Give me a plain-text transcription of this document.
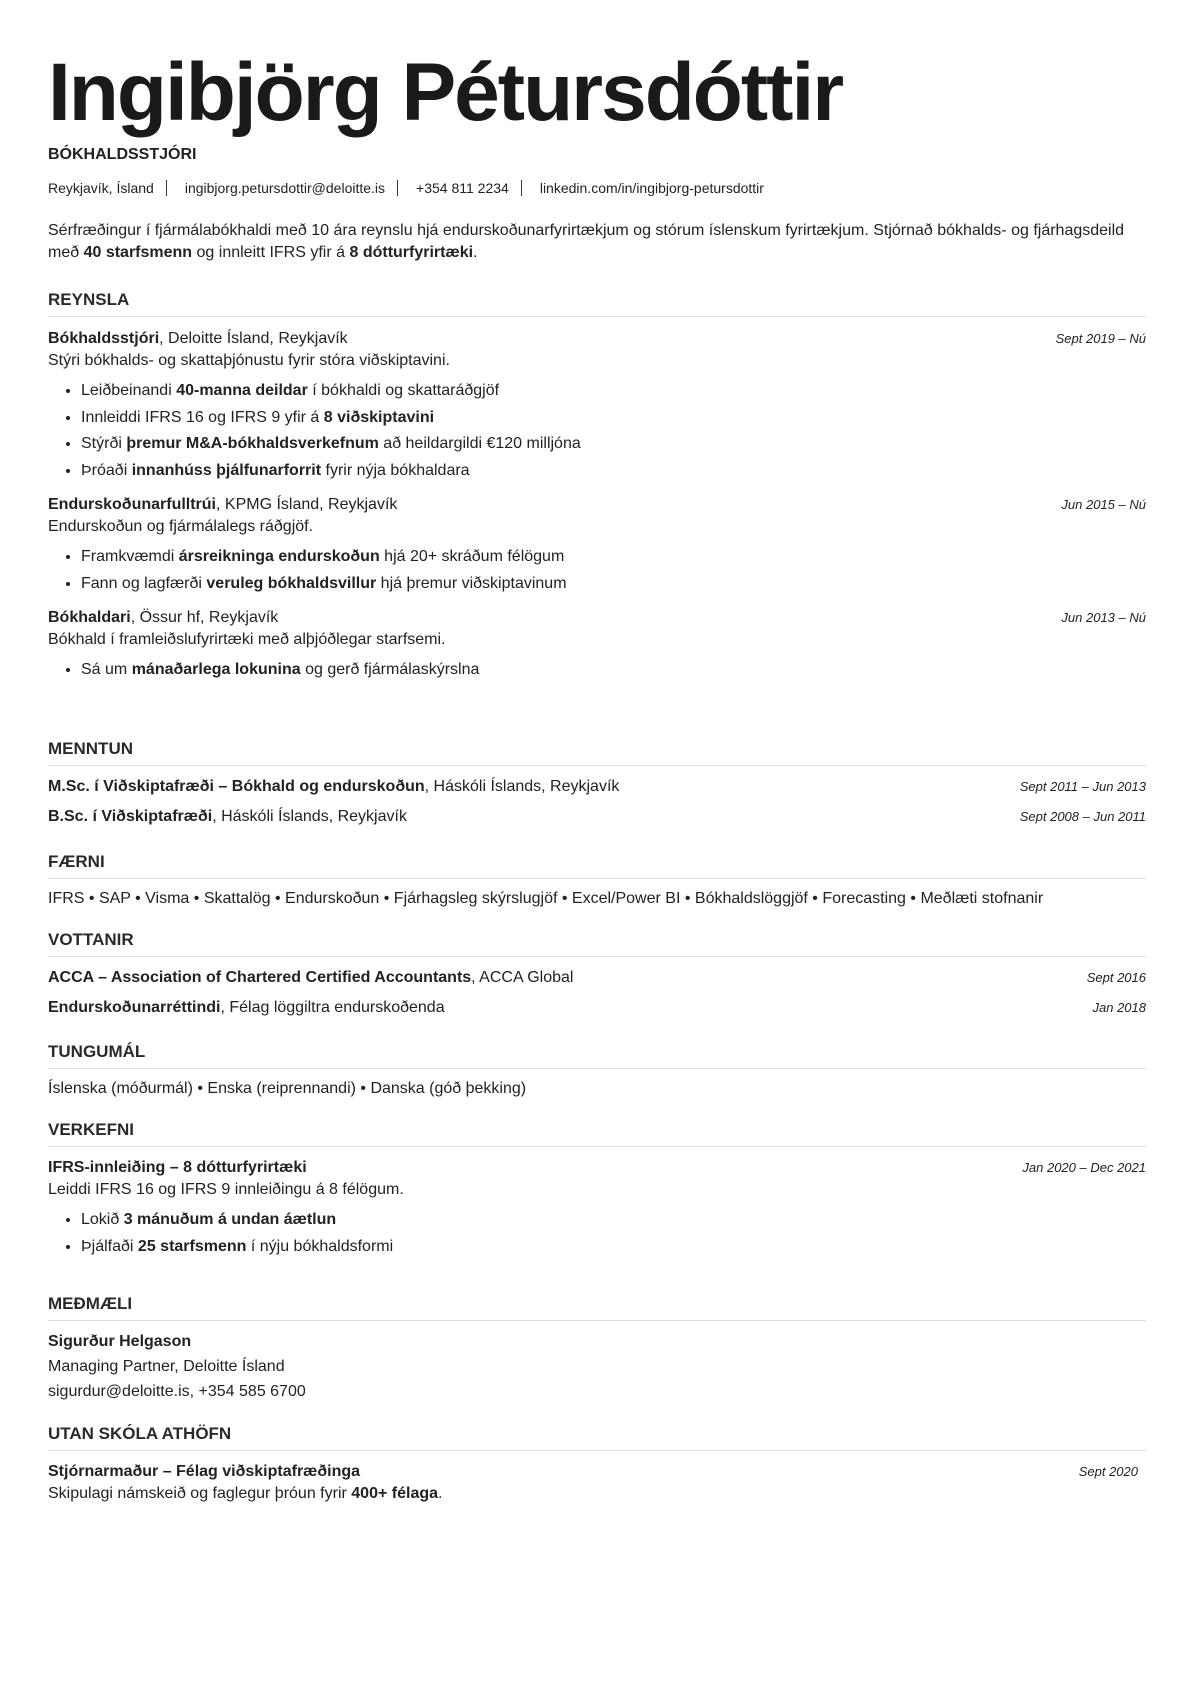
Ingibjörg Pétursdóttir
BÓKHALDSSTJÓRI
Reykjavík, Ísland ingibjorg.petursdottir@deloitte.is +354 811 2234 linkedin.com/in/ingibjorg-petursdottir
Sérfræðingur í fjármálabókhaldi með 10 ára reynslu hjá endurskoðunarfyrirtækjum og stórum íslenskum fyrirtækjum. Stjórnað bókhalds- og fjárhagsdeild með 40 starfsmenn og innleitt IFRS yfir á 8 dótturfyrirtæki.
REYNSLA
Bókhaldsstjóri, Deloitte Ísland, Reykjavík	Sept 2019 – Nú
Stýri bókhalds- og skattaþjónustu fyrir stóra viðskiptavini.
• Leiðbeinandi 40-manna deildar í bókhaldi og skattaráðgjöf
• Innleiddi IFRS 16 og IFRS 9 yfir á 8 viðskiptavini
• Stýrði þremur M&A-bókhaldsverkefnum að heildargildi €120 milljóna
• Þróaði innanhúss þjálfunarforrit fyrir nýja bókhaldara
Endurskoðunarfulltrúi, KPMG Ísland, Reykjavík	Jun 2015 – Nú
Endurskoðun og fjármálalegs ráðgjöf.
• Framkvæmdi ársreikninga endurskoðun hjá 20+ skráðum félögum
• Fann og lagfærði veruleg bókhaldsvillur hjá þremur viðskiptavinum
Bókhaldari, Össur hf, Reykjavík	Jun 2013 – Nú
Bókhald í framleiðslufyrirtæki með alþjóðlegar starfsemi.
• Sá um mánaðarlega lokunina og gerð fjármálaskýrslna
MENNTUN
M.Sc. í Viðskiptafræði – Bókhald og endurskoðun, Háskóli Íslands, Reykjavík	Sept 2011 – Jun 2013
B.Sc. í Viðskiptafræði, Háskóli Íslands, Reykjavík	Sept 2008 – Jun 2011
FÆRNI
IFRS • SAP • Visma • Skattalög • Endurskoðun • Fjárhagsleg skýrslugjöf • Excel/Power BI • Bókhaldslöggjöf • Forecasting • Meðlæti stofnanir
VOTTANIR
ACCA – Association of Chartered Certified Accountants, ACCA Global	Sept 2016
Endurskoðunarréttindi, Félag löggiltra endurskoðenda	Jan 2018
TUNGUMÁL
Íslenska (móðurmál) • Enska (reiprennandi) • Danska (góð þekking)
VERKEFNI
IFRS-innleiðing – 8 dótturfyrirtæki	Jan 2020 – Dec 2021
Leiddi IFRS 16 og IFRS 9 innleiðingu á 8 félögum.
• Lokið 3 mánuðum á undan áætlun
• Þjálfaði 25 starfsmenn í nýju bókhaldsformi
MEÐMÆLI
Sigurður Helgason
Managing Partner, Deloitte Ísland
sigurdur@deloitte.is, +354 585 6700
UTAN SKÓLA ATHÖFN
Stjórnarmaður – Félag viðskiptafræðinga	Sept 2020
Skipulagi námskeið og faglegur þróun fyrir 400+ félaga.
